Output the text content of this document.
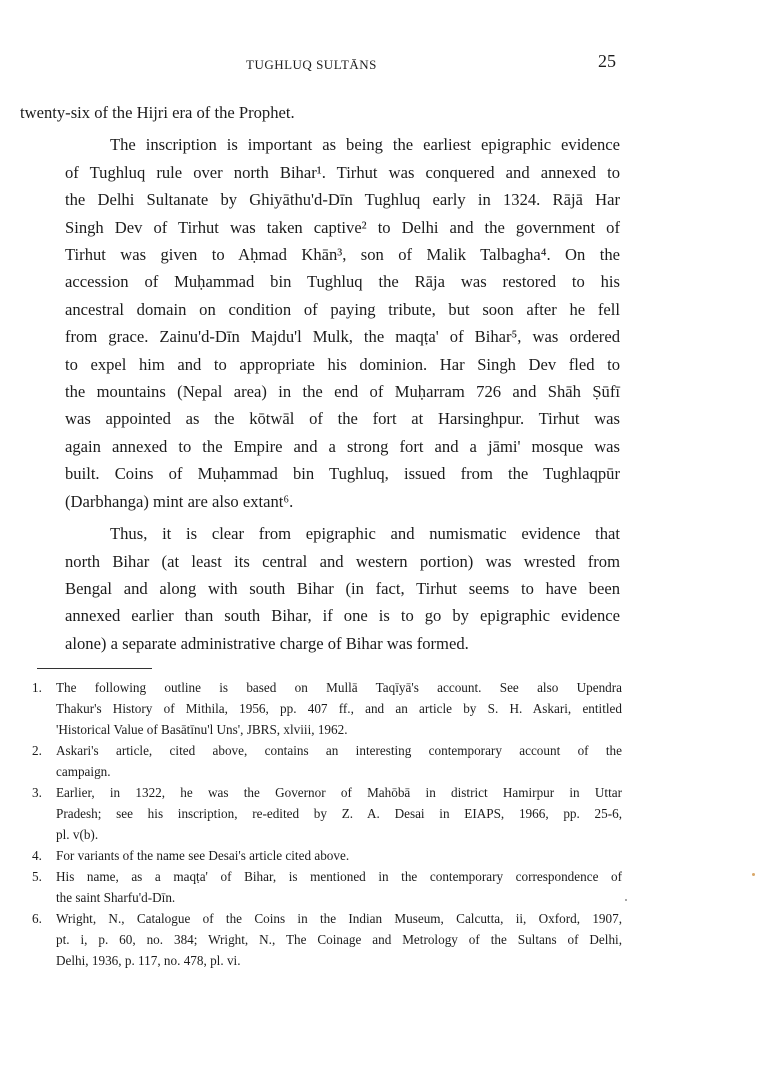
TUGHLUQ SULTĀNS	25
twenty-six of the Hijri era of the Prophet.
The inscription is important as being the earliest epigraphic evidence
of Tughluq rule over north Bihar¹. Tirhut was conquered and annexed to
the Delhi Sultanate by Ghiyāthu'd-Dīn Tughluq early in 1324. Rājā Har
Singh Dev of Tirhut was taken captive² to Delhi and the government of
Tirhut was given to Aḥmad Khān³, son of Malik Talbagha⁴. On the
accession of Muḥammad bin Tughluq the Rāja was restored to his
ancestral domain on condition of paying tribute, but soon after he fell
from grace. Zainu'd-Dīn Majdu'l Mulk, the maqṭa' of Bihar⁵, was ordered
to expel him and to appropriate his dominion. Har Singh Dev fled to
the mountains (Nepal area) in the end of Muḥarram 726 and Shāh Ṣūfī
was appointed as the kōtwāl of the fort at Harsinghpur. Tirhut was
again annexed to the Empire and a strong fort and a jāmi' mosque was
built. Coins of Muḥammad bin Tughluq, issued from the Tughlaqpūr
(Darbhanga) mint are also extant⁶.
Thus, it is clear from epigraphic and numismatic evidence that
north Bihar (at least its central and western portion) was wrested from
Bengal and along with south Bihar (in fact, Tirhut seems to have been
annexed earlier than south Bihar, if one is to go by epigraphic evidence
alone) a separate administrative charge of Bihar was formed.
1.	The following outline is based on Mullā Taqīyā's account. See also Upendra
Thakur's History of Mithila, 1956, pp. 407 ff., and an article by S. H. Askari, entitled
'Historical Value of Basātīnu'l Uns', JBRS, xlviii, 1962.
2.	Askari's article, cited above, contains an interesting contemporary account of the
campaign.
3.	Earlier, in 1322, he was the Governor of Mahōbā in district Hamirpur in Uttar
Pradesh; see his inscription, re-edited by Z. A. Desai in EIAPS, 1966, pp. 25-6,
pl. v(b).
4.	For variants of the name see Desai's article cited above.
5.	His name, as a maqṭa' of Bihar, is mentioned in the contemporary correspondence of
the saint Sharfu'd-Dīn.
6.	Wright, N., Catalogue of the Coins in the Indian Museum, Calcutta, ii, Oxford, 1907,
pt. i, p. 60, no. 384; Wright, N., The Coinage and Metrology of the Sultans of Delhi,
Delhi, 1936, p. 117, no. 478, pl. vi.
